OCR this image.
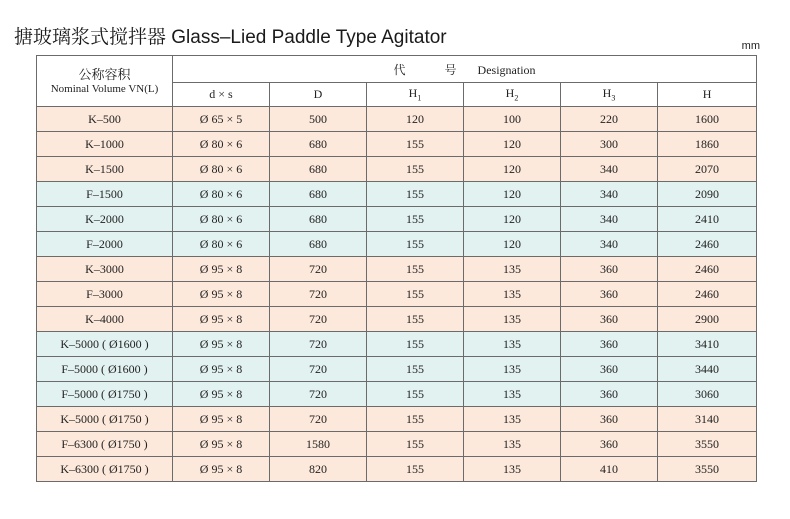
搪玻璃浆式搅拌器 Glass–Lied Paddle Type Agitator	mm
公称容积
Nominal Volume VN(L)	代 号 Designation					
	d × s	D	$H_1$	$H_2$	$H_3$	H
K–500	Ø 65 × 5	500	120	100	220	1600
K–1000	Ø 80 × 6	680	155	120	300	1860
K–1500	Ø 80 × 6	680	155	120	340	2070
F–1500	Ø 80 × 6	680	155	120	340	2090
K–2000	Ø 80 × 6	680	155	120	340	2410
F–2000	Ø 80 × 6	680	155	120	340	2460
K–3000	Ø 95 × 8	720	155	135	360	2460
F–3000	Ø 95 × 8	720	155	135	360	2460
K–4000	Ø 95 × 8	720	155	135	360	2900
K–5000 ( Ø1600 )	Ø 95 × 8	720	155	135	360	3410
F–5000 ( Ø1600 )	Ø 95 × 8	720	155	135	360	3440
F–5000 ( Ø1750 )	Ø 95 × 8	720	155	135	360	3060
K–5000 ( Ø1750 )	Ø 95 × 8	720	155	135	360	3140
F–6300 ( Ø1750 )	Ø 95 × 8	1580	155	135	360	3550
K–6300 ( Ø1750 )	Ø 95 × 8	820	155	135	410	3550
